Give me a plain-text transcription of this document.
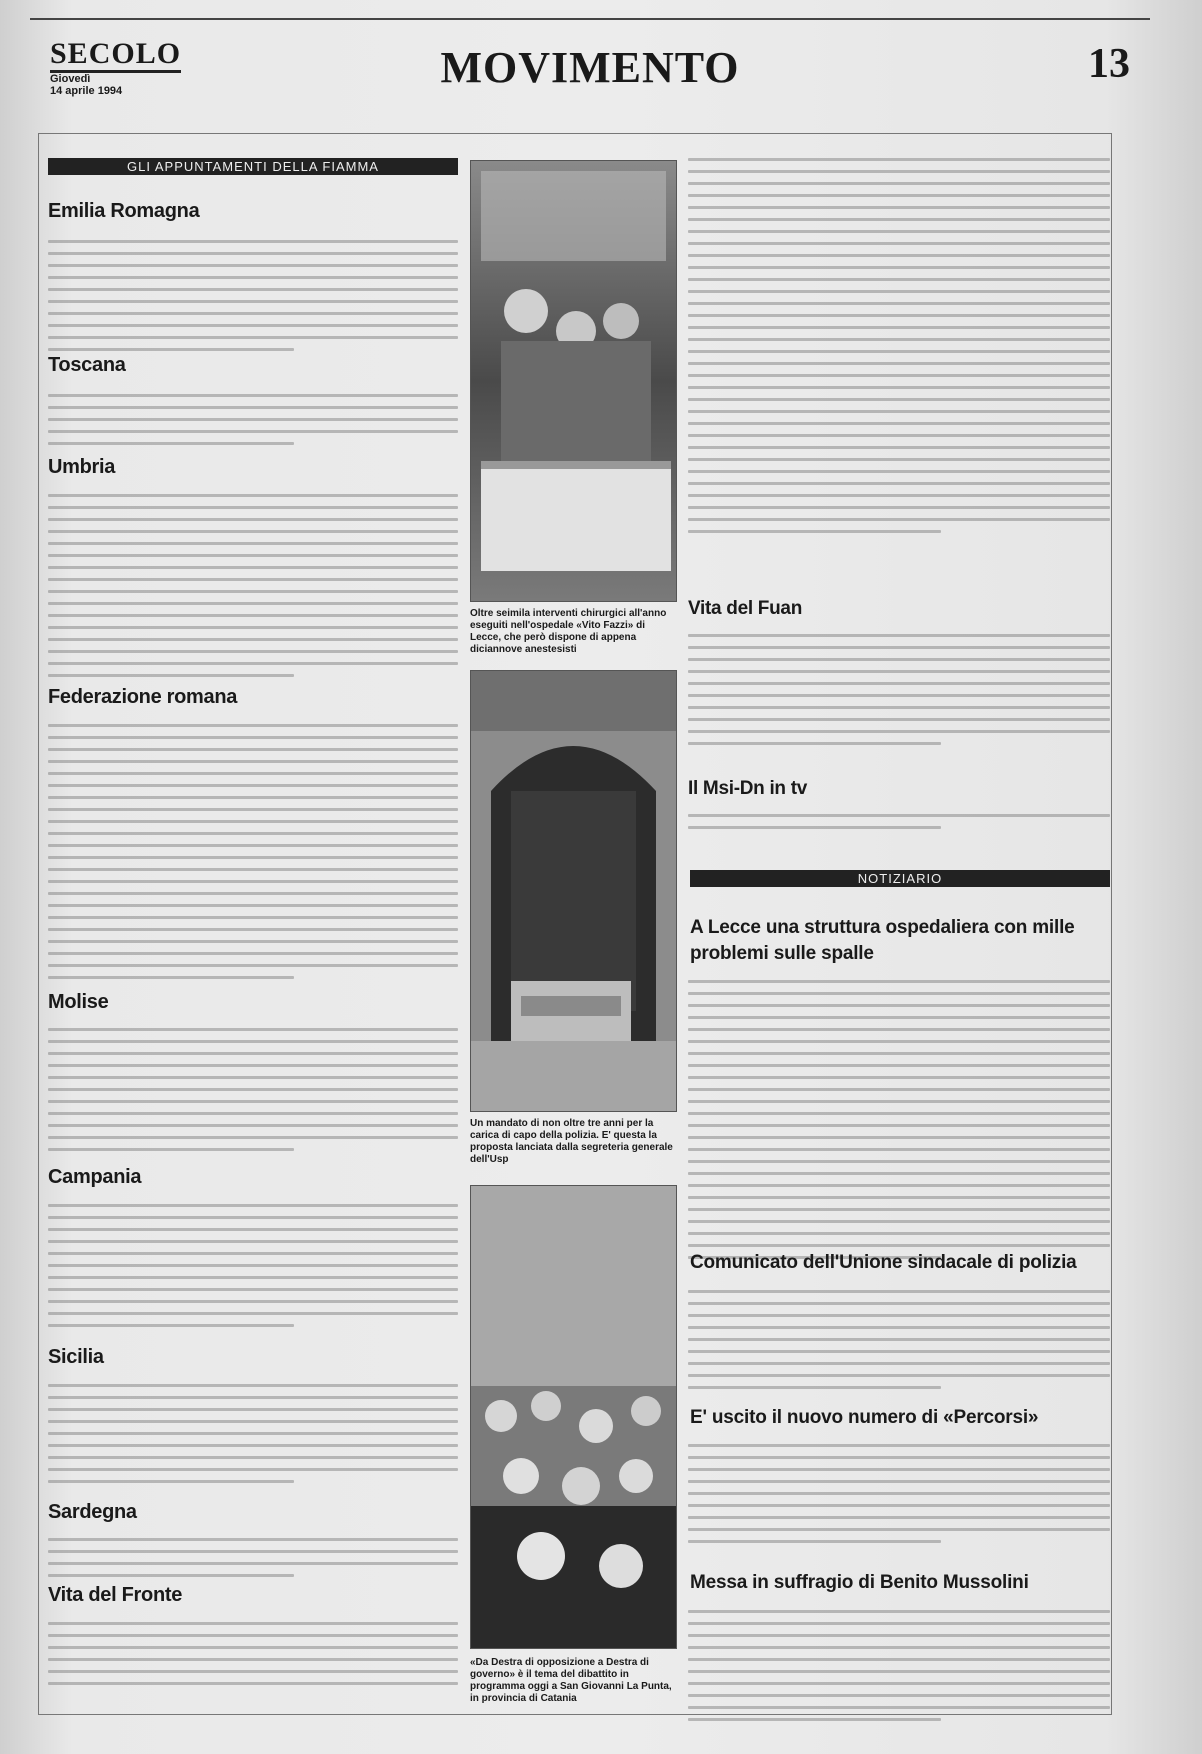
SECOLO
Giovedì
14 aprile 1994	MOVIMENTO	13
GLI APPUNTAMENTI DELLA FIAMMA
Emilia Romagna
Toscana
Umbria
Federazione romana
Molise
Campania
Sicilia
Sardegna
Vita del Fronte
Oltre seimila interventi chirurgici all'anno eseguiti nell'ospedale «Vito Fazzi» di Lecce, che però dispone di appena diciannove anestesisti
Un mandato di non oltre tre anni per la carica di capo della polizia. E' questa la proposta lanciata dalla segreteria generale dell'Usp
«Da Destra di opposizione a Destra di governo» è il tema del dibattito in programma oggi a San Giovanni La Punta, in provincia di Catania
Vita del Fuan
Il Msi-Dn in tv
NOTIZIARIO
A Lecce una struttura ospedaliera con mille problemi sulle spalle
Comunicato dell'Unione sindacale di polizia
E' uscito il nuovo numero di «Percorsi»
Messa in suffragio di Benito Mussolini
